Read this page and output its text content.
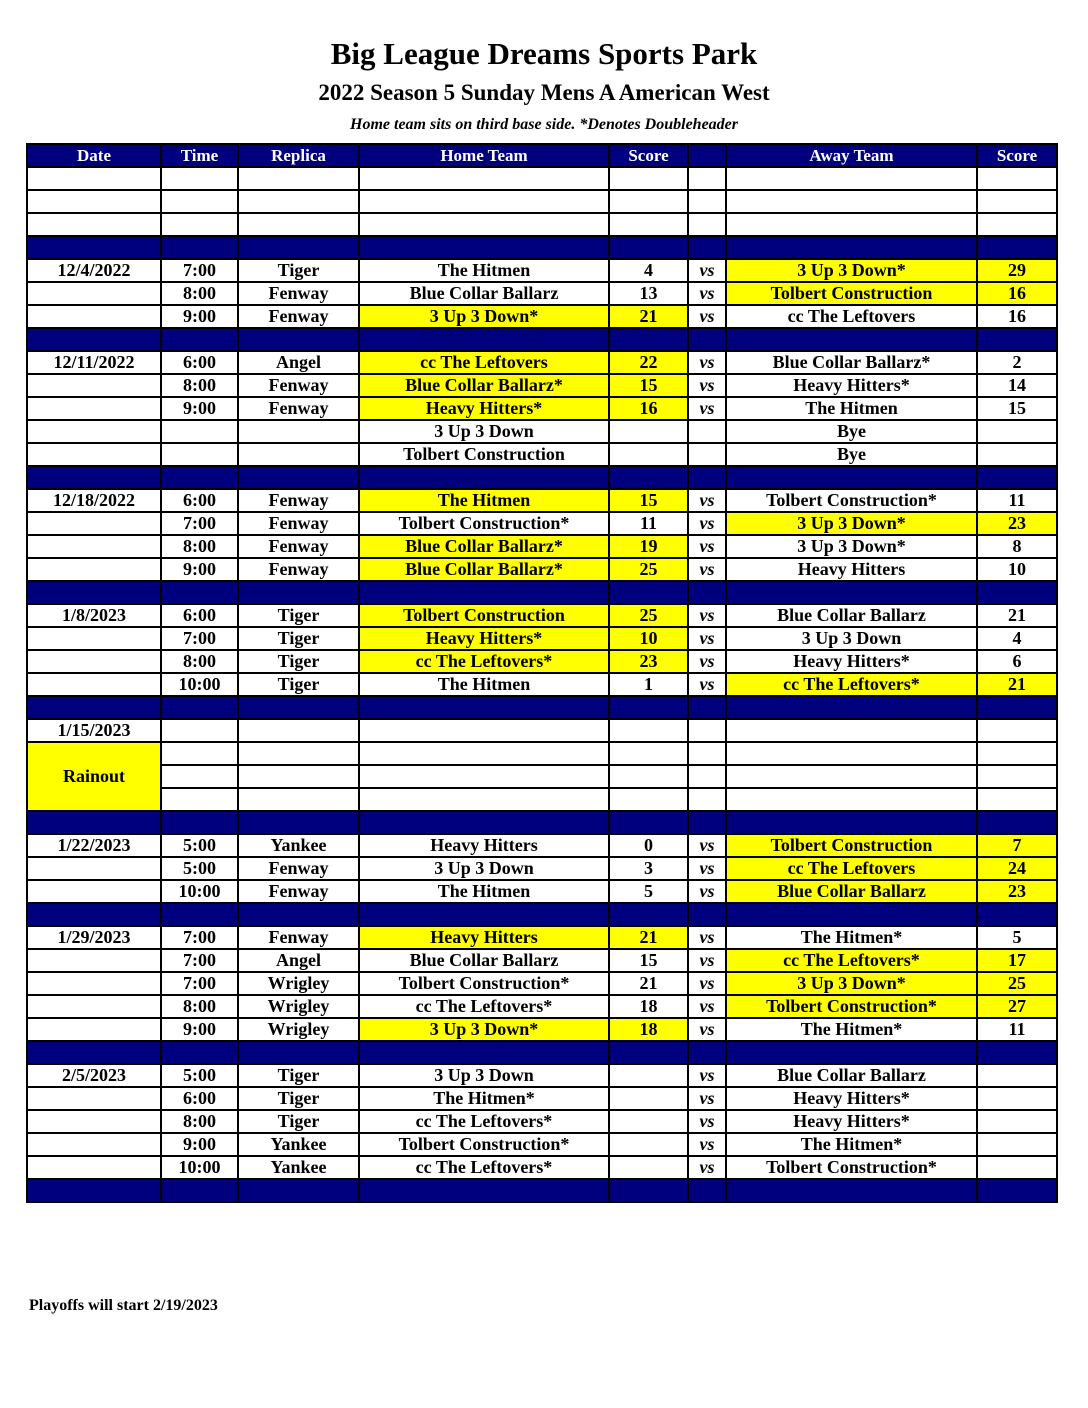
Big League Dreams Sports Park
2022 Season 5 Sunday Mens A American West
Home team sits on third base side. *Denotes Doubleheader
Date	Time	Replica	Home Team	Score		Away Team	Score

12/4/2022	7:00	Tiger	The Hitmen	4	vs	3 Up 3 Down*	29
	8:00	Fenway	Blue Collar Ballarz	13	vs	Tolbert Construction	16
	9:00	Fenway	3 Up 3 Down*	21	vs	cc The Leftovers	16

12/11/2022	6:00	Angel	cc The Leftovers	22	vs	Blue Collar Ballarz*	2
	8:00	Fenway	Blue Collar Ballarz*	15	vs	Heavy Hitters*	14
	9:00	Fenway	Heavy Hitters*	16	vs	The Hitmen	15
			3 Up 3 Down			Bye	
			Tolbert Construction			Bye	

12/18/2022	6:00	Fenway	The Hitmen	15	vs	Tolbert Construction*	11
	7:00	Fenway	Tolbert Construction*	11	vs	3 Up 3 Down*	23
	8:00	Fenway	Blue Collar Ballarz*	19	vs	3 Up 3 Down*	8
	9:00	Fenway	Blue Collar Ballarz*	25	vs	Heavy Hitters	10

1/8/2023	6:00	Tiger	Tolbert Construction	25	vs	Blue Collar Ballarz	21
	7:00	Tiger	Heavy Hitters*	10	vs	3 Up 3 Down	4
	8:00	Tiger	cc The Leftovers*	23	vs	Heavy Hitters*	6
	10:00	Tiger	The Hitmen	1	vs	cc The Leftovers*	21

1/15/2023							
Rainout							

1/22/2023	5:00	Yankee	Heavy Hitters	0	vs	Tolbert Construction	7
	5:00	Fenway	3 Up 3 Down	3	vs	cc The Leftovers	24
	10:00	Fenway	The Hitmen	5	vs	Blue Collar Ballarz	23

1/29/2023	7:00	Fenway	Heavy Hitters	21	vs	The Hitmen*	5
	7:00	Angel	Blue Collar Ballarz	15	vs	cc The Leftovers*	17
	7:00	Wrigley	Tolbert Construction*	21	vs	3 Up 3 Down*	25
	8:00	Wrigley	cc The Leftovers*	18	vs	Tolbert Construction*	27
	9:00	Wrigley	3 Up 3 Down*	18	vs	The Hitmen*	11

2/5/2023	5:00	Tiger	3 Up 3 Down		vs	Blue Collar Ballarz	
	6:00	Tiger	The Hitmen*		vs	Heavy Hitters*	
	8:00	Tiger	cc The Leftovers*		vs	Heavy Hitters*	
	9:00	Yankee	Tolbert Construction*		vs	The Hitmen*	
	10:00	Yankee	cc The Leftovers*		vs	Tolbert Construction*	

Playoffs will start 2/19/2023
